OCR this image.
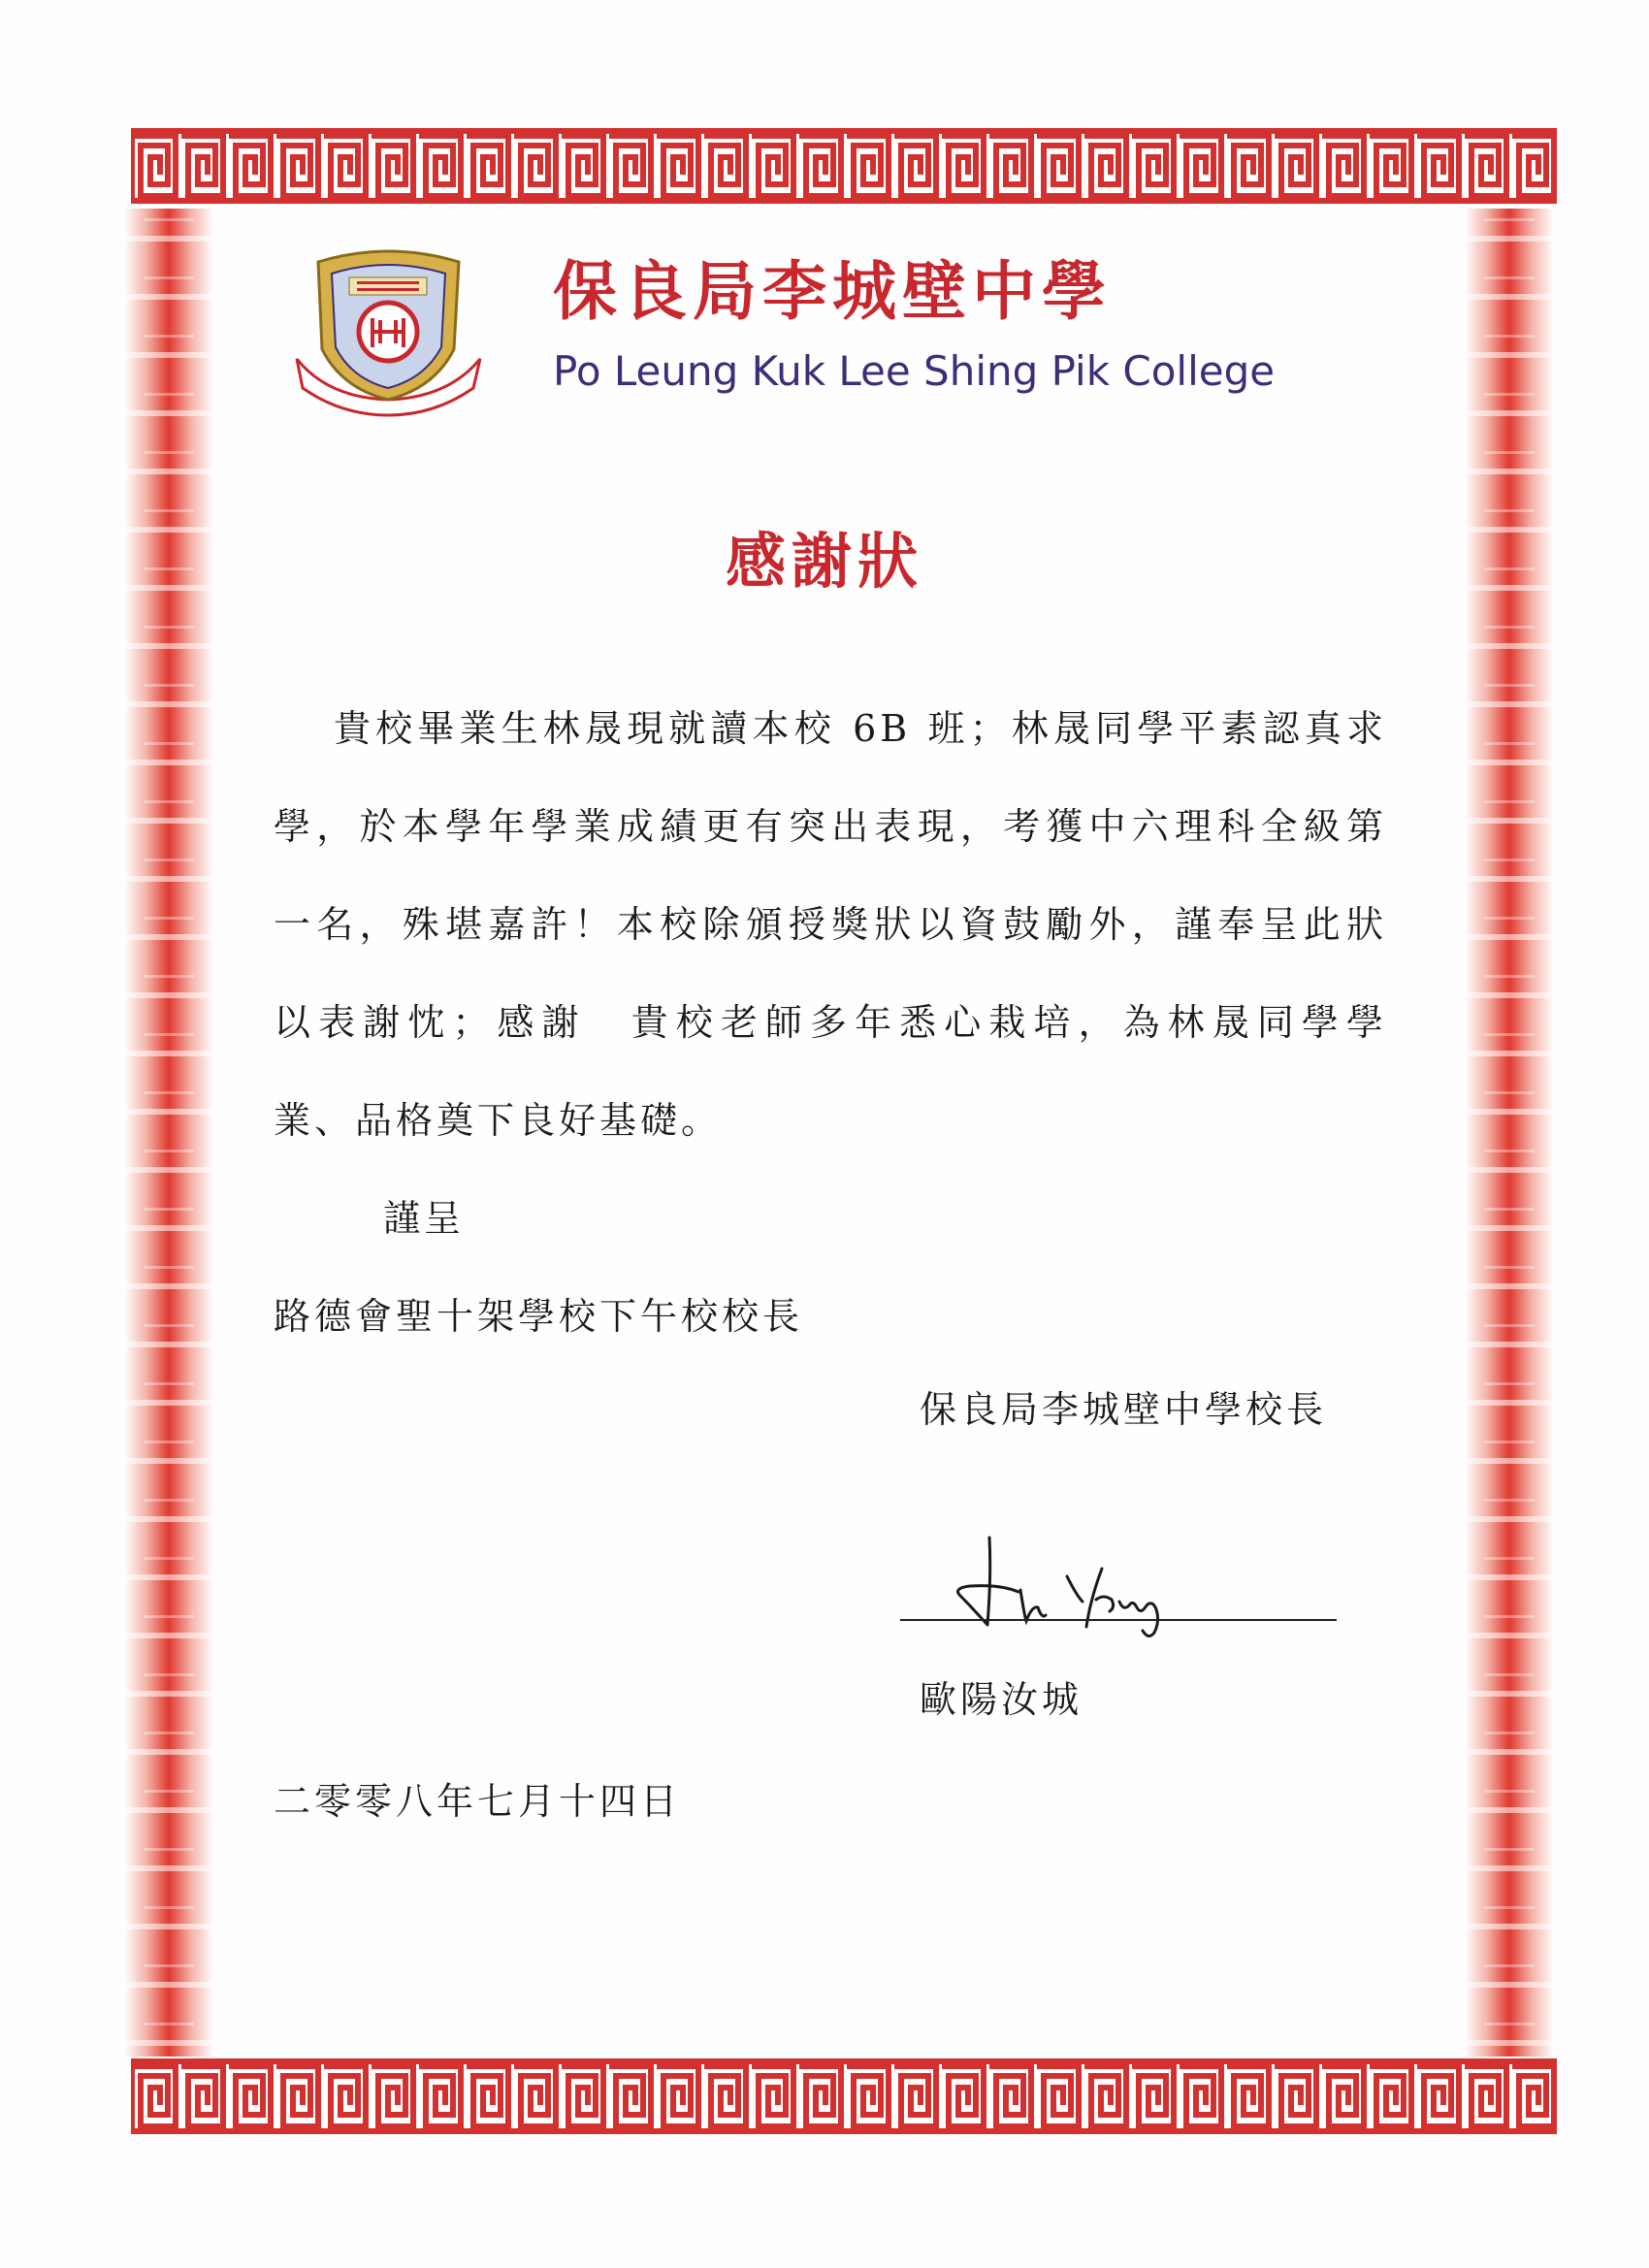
保良局李城壁中學
Po Leung Kuk Lee Shing Pik College
感謝狀
貴校畢業生林晟現就讀本校 6B 班；林晟同學平素認真求
學，於本學年學業成績更有突出表現，考獲中六理科全級第
一名，殊堪嘉許！本校除頒授獎狀以資鼓勵外，謹奉呈此狀
以表謝忱；感謝　貴校老師多年悉心栽培，為林晟同學學
業、品格奠下良好基礎。
謹呈
路德會聖十架學校下午校校長
保良局李城壁中學校長
歐陽汝城
二零零八年七月十四日
